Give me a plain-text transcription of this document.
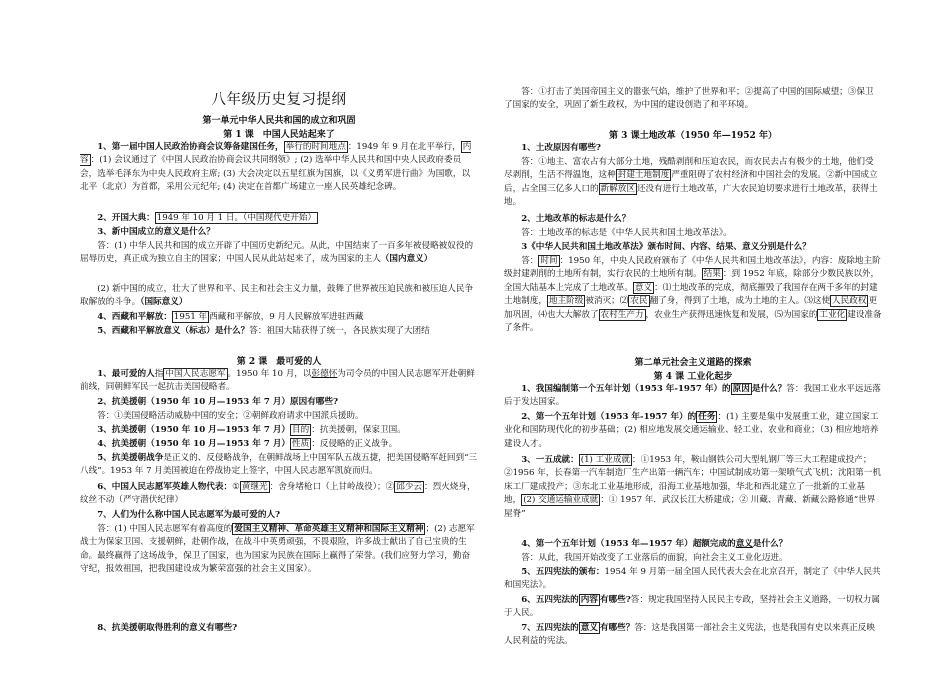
八年级历史复习提纲
第一单元中华人民共和国的成立和巩固
第 1 课　中国人民站起来了
1、第一届中国人民政治协商会议筹备建国任务， 举行的时间地点 ：1949 年 9 月在北平举行， 内容 ：(1) 会议通过了《中国人民政治协商会议共同纲领》; (2) 选举中华人民共和国中央人民政府委员会，选举毛泽东为中央人民政府主席; (3) 大会决定以五星红旗为国旗，以《义勇军进行曲》为国歌，以北平（北京）为首都，采用公元纪年; (4) 决定在首都广场建立一座人民英雄纪念碑。
2、开国大典： 1949 年 10 月 1 日。（中国现代史开始）
3、新中国成立的意义是什么？
答：(1) 中华人民共和国的成立开辟了中国历史新纪元。从此，中国结束了一百多年被侵略被奴役的屈辱历史，真正成为独立自主的国家；中国人民从此站起来了，成为国家的主人（国内意义）
(2) 新中国的成立，壮大了世界和平、民主和社会主义力量，鼓舞了世界被压迫民族和被压迫人民争取解放的斗争。（国际意义）
4、西藏和平解放： 1951 年 西藏和平解放，9 月人民解放军进驻西藏
5、西藏和平解放意义（标志）是什么？答：祖国大陆获得了统一，各民族实现了大团结
第 2 课　最可爱的人
1、最可爱的人指 中国人民志愿军 。1950 年 10 月，以彭德怀为司令员的中国人民志愿军开赴朝鲜前线，同朝鲜军民一起抗击美国侵略者。
2、抗美援朝（1950 年 10 月—1953 年 7 月）原因有哪些?
答：①美国侵略活动威胁中国的安全；②朝鲜政府请求中国派兵援助。
3、抗美援朝（1950 年 10 月—1953 年 7 月） 目的 ：抗美援朝，保家卫国。
4、抗美援朝（1950 年 10 月—1953 年 7 月） 性质 ：反侵略的正义战争。
5、抗美援朝战争是正义的、反侵略战争，在朝鲜战场上中国军队五战五捷，把美国侵略军赶回到“三八线”。1953 年 7 月美国被迫在停战协定上签字，中国人民志愿军凯旋而归。
6、中国人民志愿军英雄人物代表：① 黄继光 ：舍身堵枪口（上甘岭战役）；② 邱少云 ：烈火烧身，纹丝不动（严守潜伏纪律）
7、人们为什么称中国人民志愿军为最可爱的人?
答：(1) 中国人民志愿军有着高度的 爱国主义精神、革命英雄主义精神和国际主义精神 ；(2) 志愿军战士为保家卫国、支援朝鲜，赴朝作战，在战斗中英勇顽强，不畏艰险，许多战士献出了自己宝贵的生命。最终赢得了这场战争，保卫了国家，也为国家为民族在国际上赢得了荣誉。(我们应努力学习，勤奋守纪，报效祖国，把我国建设成为繁荣富强的社会主义国家）。
8、抗美援朝取得胜利的意义有哪些?
答：①打击了美国帝国主义的嚣张气焰，维护了世界和平；②提高了中国的国际威望；③保卫了国家的安全，巩固了新生政权，为中国的建设创造了和平环境。
第 3 课土地改革（1950 年—1952 年）
1、土改原因有哪些?
答：①地主、富农占有大部分土地，残酷剥削和压迫农民，而农民去占有极少的土地，他们受尽剥削，生活不得温饱，这种 封建土地制度 严重阻碍了农村经济和中国社会的发展。②新中国成立后，占全国三亿多人口的 新解放区 还没有进行土地改革，广大农民迫切要求进行土地改革，获得土地。
2、土地改革的标志是什么？
答：土地改革的标志是《中华人民共和国土地改革法》。
3《中华人民共和国土地改革法》颁布时间、内容、结果、意义分别是什么？
答： 时间 ：1950 年，中央人民政府颁布了《中华人民共和国土地改革法》，内容：废除地主阶级封建剥削的土地所有制，实行农民的土地所有制。 结果 ：到 1952 年底，除部分少数民族以外，全国大陆基本上完成了土地改革。 意义 ：⑴土地改革的完成，彻底摧毁了我国存在两千多年的封建土地制度， 地主阶级 被消灭；⑵ 农民 翻了身，得到了土地，成为土地的主人。⑶这使 人民政权 更加巩固，⑷也大大解放了 农村生产力 ，农业生产获得迅速恢复和发展，⑸为国家的 工业化 建设准备了条件。
第二单元社会主义道路的探索
第 4 课 工业化起步
1、我国编制第一个五年计划（1953 年-1957 年）的 原因 是什么？答：我国工业水平远远落后于发达国家。
2、第一个五年计划（1953 年-1957 年）的 任务 ：(1) 主要是集中发展重工业，建立国家工业化和国防现代化的初步基础；(2) 相应地发展交通运输业、轻工业、农业和商业；（3) 相应地培养建设人才。
3、一五成就： (1) 工业成就 ：①1953 年，鞍山钢铁公司大型轧钢厂等三大工程建成投产；②1956 年，长春第一汽车制造厂生产出第一辆汽车；中国试制成功第一架喷气式飞机；沈阳第一机床工厂建成投产；③东北工业基地形成，沿海工业基地加强，华北和西北建立了一批新的工业基地， (2) 交通运输业成就 ：① 1957 年．武汉长江大桥建成；② 川藏、青藏、新藏公路修通“世界屋脊”
4、第一个五年计划（1953 年—1957 年）超额完成的意义是什么？
答：从此，我国开始改变了工业落后的面貌，向社会主义工业化迈进。
5、五四宪法的颁布：1954 年 9 月第一届全国人民代表大会在北京召开，制定了《中华人民共和国宪法》。
6、五四宪法的 内容 有哪些?答：规定我国坚持人民民主专政，坚持社会主义道路，一切权力属于人民。
7、五四宪法的 意义 有哪些？答：这是我国第一部社会主义宪法，也是我国有史以来真正反映人民利益的宪法。
